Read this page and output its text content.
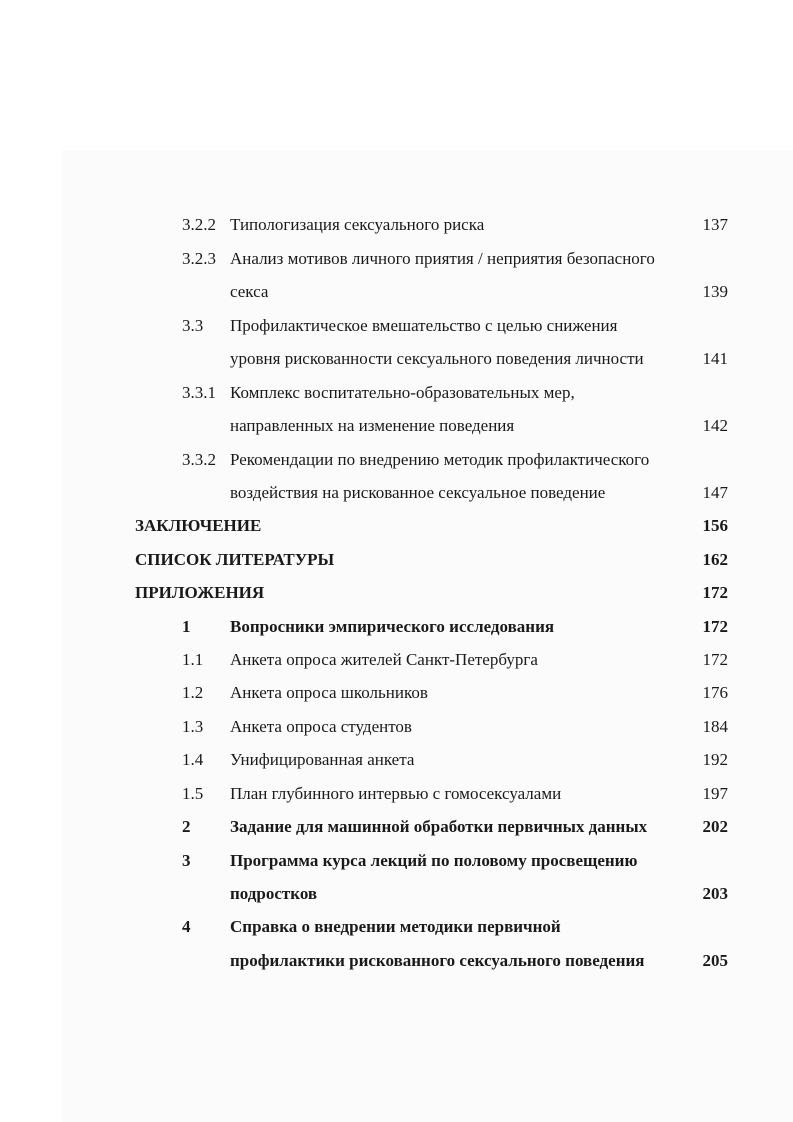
3.2.2 Типологизация сексуального риска	137
3.2.3 Анализ мотивов личного приятия / неприятия безопасного
секса	139
3.3 Профилактическое вмешательство с целью снижения
уровня рискованности сексуального поведения личности	141
3.3.1 Комплекс воспитательно-образовательных мер,
направленных на изменение поведения	142
3.3.2 Рекомендации по внедрению методик профилактического
воздействия на рискованное сексуальное поведение	147
ЗАКЛЮЧЕНИЕ	156
СПИСОК ЛИТЕРАТУРЫ	162
ПРИЛОЖЕНИЯ	172
1 Вопросники эмпирического исследования	172
1.1 Анкета опроса жителей Санкт-Петербурга	172
1.2 Анкета опроса школьников	176
1.3 Анкета опроса студентов	184
1.4 Унифицированная анкета	192
1.5 План глубинного интервью с гомосексуалами	197
2 Задание для машинной обработки первичных данных	202
3 Программа курса лекций по половому просвещению
подростков	203
4 Справка о внедрении методики первичной
профилактики рискованного сексуального поведения	205
